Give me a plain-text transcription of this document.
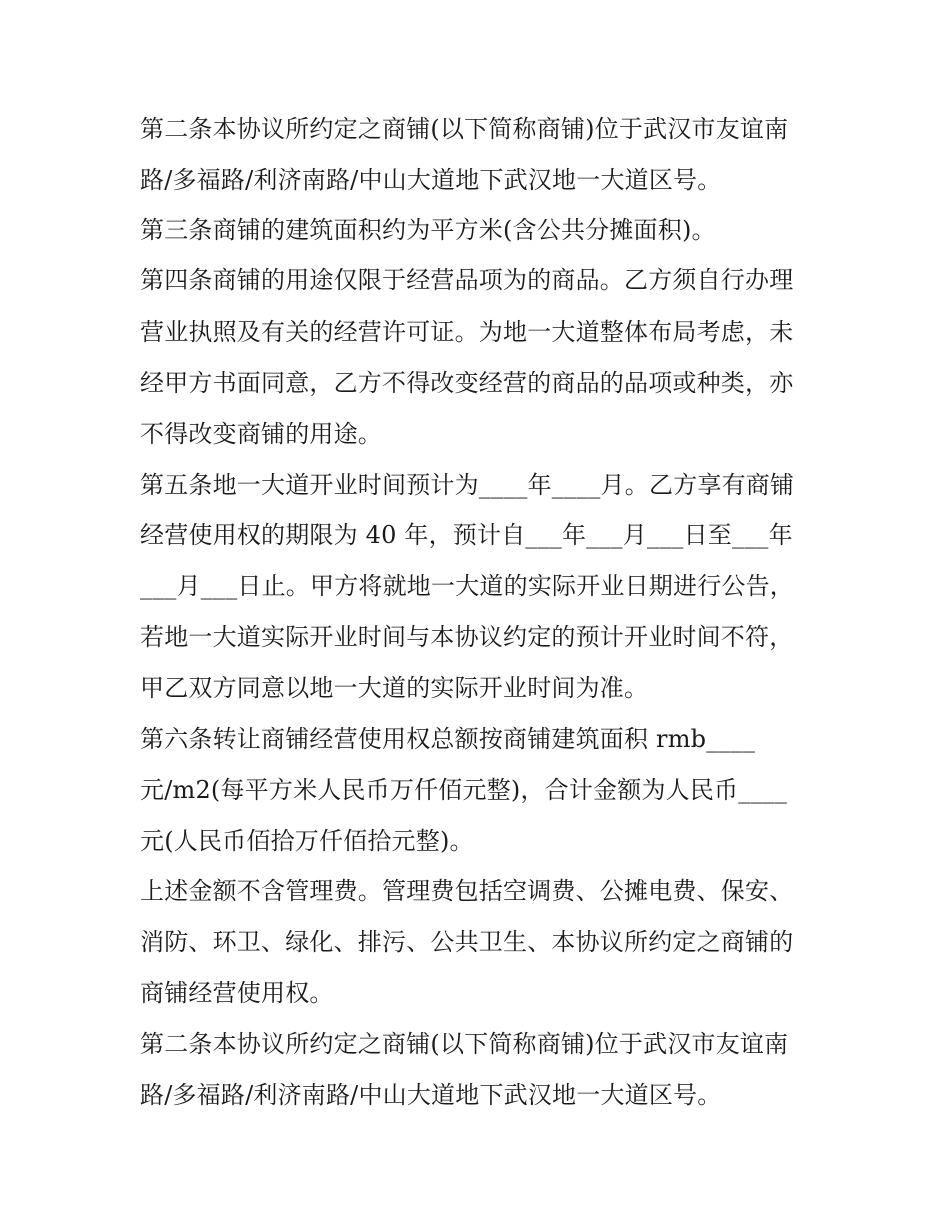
第二条本协议所约定之商铺(以下简称商铺)位于武汉市友谊南

路/多福路/利济南路/中山大道地下武汉地一大道区号。

第三条商铺的建筑面积约为平方米(含公共分摊面积)。

第四条商铺的用途仅限于经营品项为的商品。乙方须自行办理

营业执照及有关的经营许可证。为地一大道整体布局考虑，未

经甲方书面同意，乙方不得改变经营的商品的品项或种类，亦

不得改变商铺的用途。

第五条地一大道开业时间预计为____年____月。乙方享有商铺

经营使用权的期限为 40 年，预计自___年___月___日至___年

___月___日止。甲方将就地一大道的实际开业日期进行公告，

若地一大道实际开业时间与本协议约定的预计开业时间不符，

甲乙双方同意以地一大道的实际开业时间为准。

第六条转让商铺经营使用权总额按商铺建筑面积 rmb____

元/m2(每平方米人民币万仟佰元整)，合计金额为人民币____

元(人民币佰拾万仟佰拾元整)。

上述金额不含管理费。管理费包括空调费、公摊电费、保安、

消防、环卫、绿化、排污、公共卫生、本协议所约定之商铺的

商铺经营使用权。

第二条本协议所约定之商铺(以下简称商铺)位于武汉市友谊南

路/多福路/利济南路/中山大道地下武汉地一大道区号。
